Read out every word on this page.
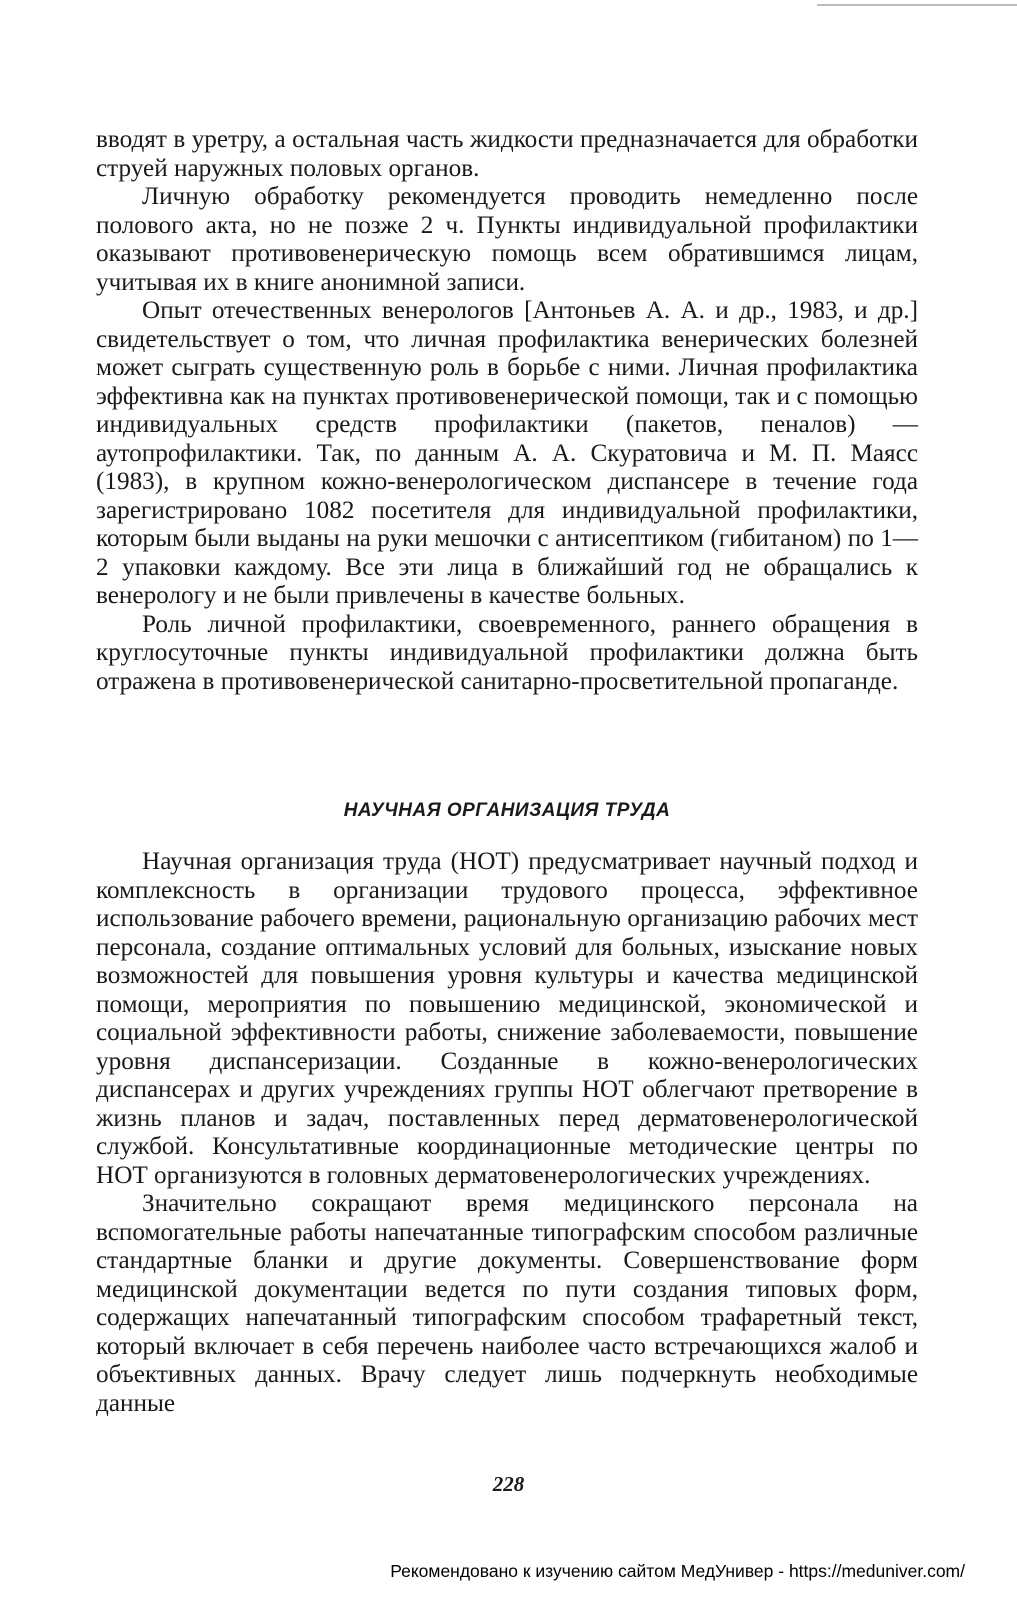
вводят в уретру, а остальная часть жидкости предназначается для обработки струей наружных половых органов.

Личную обработку рекомендуется проводить немедленно после полового акта, но не позже 2 ч. Пункты индивидуальной профилактики оказывают противовенерическую помощь всем обратившимся лицам, учитывая их в книге анонимной записи.

Опыт отечественных венерологов [Антоньев А. А. и др., 1983, и др.] свидетельствует о том, что личная профилактика венерических болезней может сыграть существенную роль в борьбе с ними. Личная профилактика эффективна как на пунктах противовенерической помощи, так и с помощью индивидуальных средств профилактики (пакетов, пеналов) — аутопрофилактики. Так, по данным А. А. Скуратовича и М. П. Маясс (1983), в крупном кожно-венерологическом диспансере в течение года зарегистрировано 1082 посетителя для индивидуальной профилактики, которым были выданы на руки мешочки с антисептиком (гибитаном) по 1—2 упаковки каждому. Все эти лица в ближайший год не обращались к венерологу и не были привлечены в качестве больных.

Роль личной профилактики, своевременного, раннего обращения в круглосуточные пункты индивидуальной профилактики должна быть отражена в противовенерической санитарно-просветительной пропаганде.

НАУЧНАЯ ОРГАНИЗАЦИЯ ТРУДА

Научная организация труда (НОТ) предусматривает научный подход и комплексность в организации трудового процесса, эффективное использование рабочего времени, рациональную организацию рабочих мест персонала, создание оптимальных условий для больных, изыскание новых возможностей для повышения уровня культуры и качества медицинской помощи, мероприятия по повышению медицинской, экономической и социальной эффективности работы, снижение заболеваемости, повышение уровня диспансеризации. Созданные в кожно-венерологических диспансерах и других учреждениях группы НОТ облегчают претворение в жизнь планов и задач, поставленных перед дерматовенерологической службой. Консультативные координационные методические центры по НОТ организуются в головных дерматовенерологических учреждениях.

Значительно сокращают время медицинского персонала на вспомогательные работы напечатанные типографским способом различные стандартные бланки и другие документы. Совершенствование форм медицинской документации ведется по пути создания типовых форм, содержащих напечатанный типографским способом трафаретный текст, который включает в себя перечень наиболее часто встречающихся жалоб и объективных данных. Врачу следует лишь подчеркнуть необходимые данные

228
Рекомендовано к изучению сайтом МедУнивер - https://meduniver.com/
